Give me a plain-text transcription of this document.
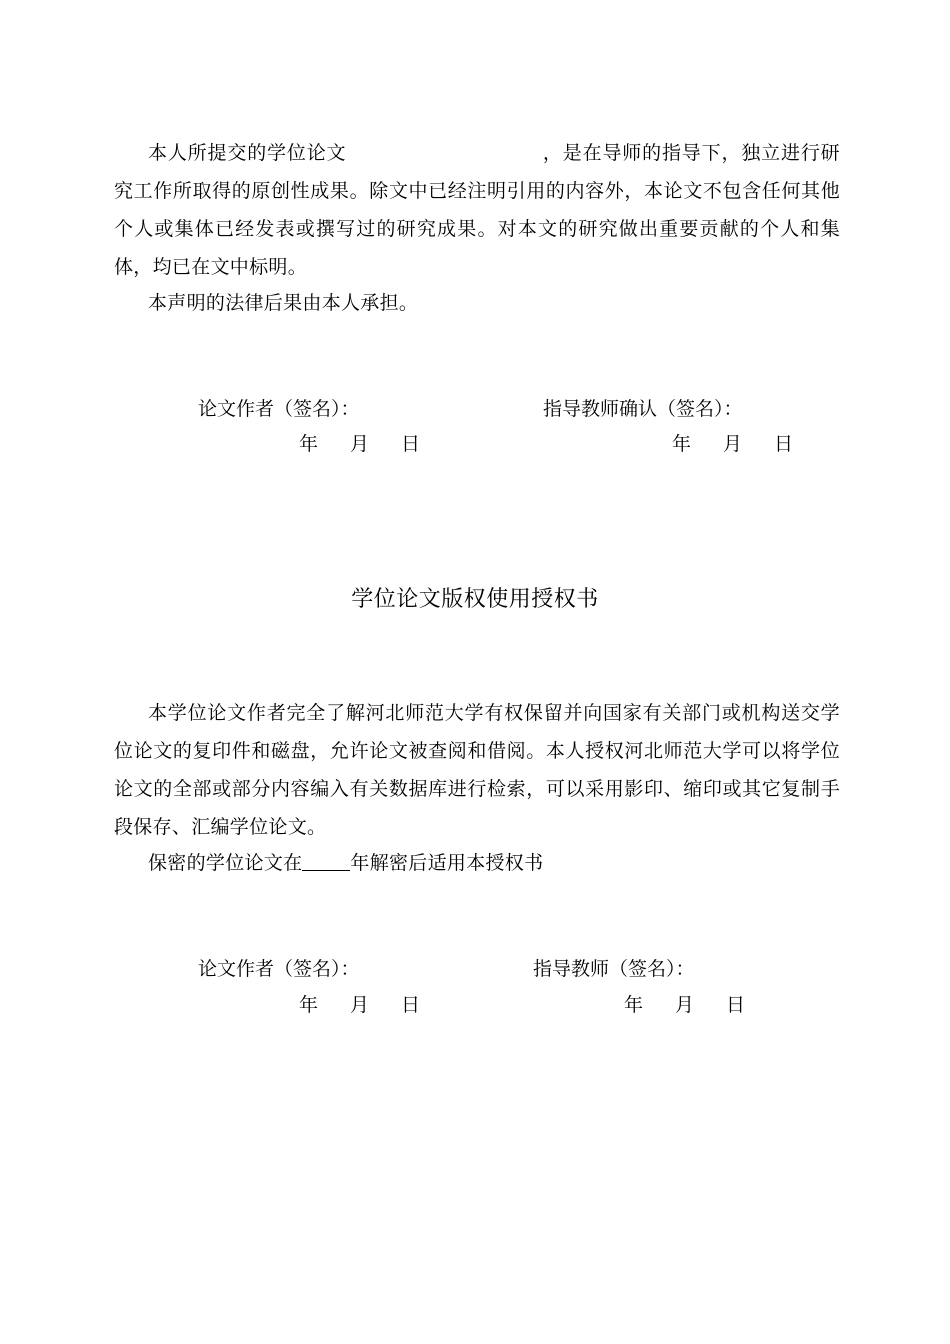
本人所提交的学位论文	，是在导师的指导下，独立进行研究工作所取得的原创性成果。除文中已经注明引用的内容外，本论文不包含任何其他个人或集体已经发表或撰写过的研究成果。对本文的研究做出重要贡献的个人和集体，均已在文中标明。

本声明的法律后果由本人承担。

论文作者（签名）：	指导教师确认（签名）：
年 月 日	年 月 日
学位论文版权使用授权书

本学位论文作者完全了解河北师范大学有权保留并向国家有关部门或机构送交学位论文的复印件和磁盘，允许论文被查阅和借阅。本人授权河北师范大学可以将学位论文的全部或部分内容编入有关数据库进行检索，可以采用影印、缩印或其它复制手段保存、汇编学位论文。

保密的学位论文在	年解密后适用本授权书

论文作者（签名）：	指导教师（签名）：
年 月 日	年 月 日
